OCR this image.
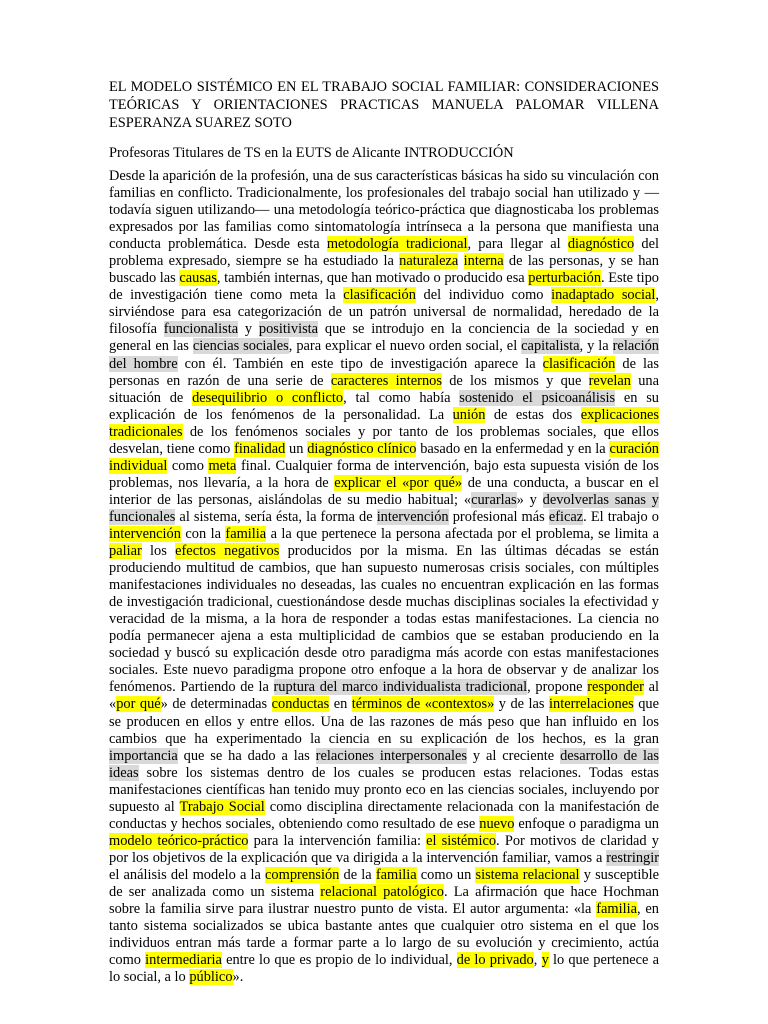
EL MODELO SISTÉMICO EN EL TRABAJO SOCIAL FAMILIAR: CONSIDERACIONES TEÓRICAS Y ORIENTACIONES PRACTICAS MANUELA PALOMAR VILLENA ESPERANZA SUAREZ SOTO

Profesoras Titulares de TS en la EUTS de Alicante INTRODUCCIÓN

Desde la aparición de la profesión, una de sus características básicas ha sido su vinculación con familias en conflicto. Tradicionalmente, los profesionales del trabajo social han utilizado y — todavía siguen utilizando— una metodología teórico-práctica que diagnosticaba los problemas expresados por las familias como sintomatología intrínseca a la persona que manifiesta una conducta problemática. Desde esta metodología tradicional, para llegar al diagnóstico del problema expresado, siempre se ha estudiado la naturaleza interna de las personas, y se han buscado las causas, también internas, que han motivado o producido esa perturbación. Este tipo de investigación tiene como meta la clasificación del individuo como inadaptado social, sirviéndose para esa categorización de un patrón universal de normalidad, heredado de la filosofía funcionalista y positivista que se introdujo en la conciencia de la sociedad y en general en las ciencias sociales, para explicar el nuevo orden social, el capitalista, y la relación del hombre con él. También en este tipo de investigación aparece la clasificación de las personas en razón de una serie de caracteres internos de los mismos y que revelan una situación de desequilibrio o conflicto, tal como había sostenido el psicoanálisis en su explicación de los fenómenos de la personalidad. La unión de estas dos explicaciones tradicionales de los fenómenos sociales y por tanto de los problemas sociales, que ellos desvelan, tiene como finalidad un diagnóstico clínico basado en la enfermedad y en la curación individual como meta final. Cualquier forma de intervención, bajo esta supuesta visión de los problemas, nos llevaría, a la hora de explicar el «por qué» de una conducta, a buscar en el interior de las personas, aislándolas de su medio habitual; «curarlas» y devolverlas sanas y funcionales al sistema, sería ésta, la forma de intervención profesional más eficaz. El trabajo o intervención con la familia a la que pertenece la persona afectada por el problema, se limita a paliar los efectos negativos producidos por la misma. En las últimas décadas se están produciendo multitud de cambios, que han supuesto numerosas crisis sociales, con múltiples manifestaciones individuales no deseadas, las cuales no encuentran explicación en las formas de investigación tradicional, cuestionándose desde muchas disciplinas sociales la efectividad y veracidad de la misma, a la hora de responder a todas estas manifestaciones. La ciencia no podía permanecer ajena a esta multiplicidad de cambios que se estaban produciendo en la sociedad y buscó su explicación desde otro paradigma más acorde con estas manifestaciones sociales. Este nuevo paradigma propone otro enfoque a la hora de observar y de analizar los fenómenos. Partiendo de la ruptura del marco individualista tradicional, propone responder al «por qué» de determinadas conductas en términos de «contextos» y de las interrelaciones que se producen en ellos y entre ellos. Una de las razones de más peso que han influido en los cambios que ha experimentado la ciencia en su explicación de los hechos, es la gran importancia que se ha dado a las relaciones interpersonales y al creciente desarrollo de las ideas sobre los sistemas dentro de los cuales se producen estas relaciones. Todas estas manifestaciones científicas han tenido muy pronto eco en las ciencias sociales, incluyendo por supuesto al Trabajo Social como disciplina directamente relacionada con la manifestación de conductas y hechos sociales, obteniendo como resultado de ese nuevo enfoque o paradigma un modelo teórico-práctico para la intervención familia: el sistémico. Por motivos de claridad y por los objetivos de la explicación que va dirigida a la intervención familiar, vamos a restringir el análisis del modelo a la comprensión de la familia como un sistema relacional y susceptible de ser analizada como un sistema relacional patológico. La afirmación que hace Hochman sobre la familia sirve para ilustrar nuestro punto de vista. El autor argumenta: «la familia, en tanto sistema socializados se ubica bastante antes que cualquier otro sistema en el que los individuos entran más tarde a formar parte a lo largo de su evolución y crecimiento, actúa como intermediaria entre lo que es propio de lo individual, de lo privado, y lo que pertenece a lo social, a lo público».
